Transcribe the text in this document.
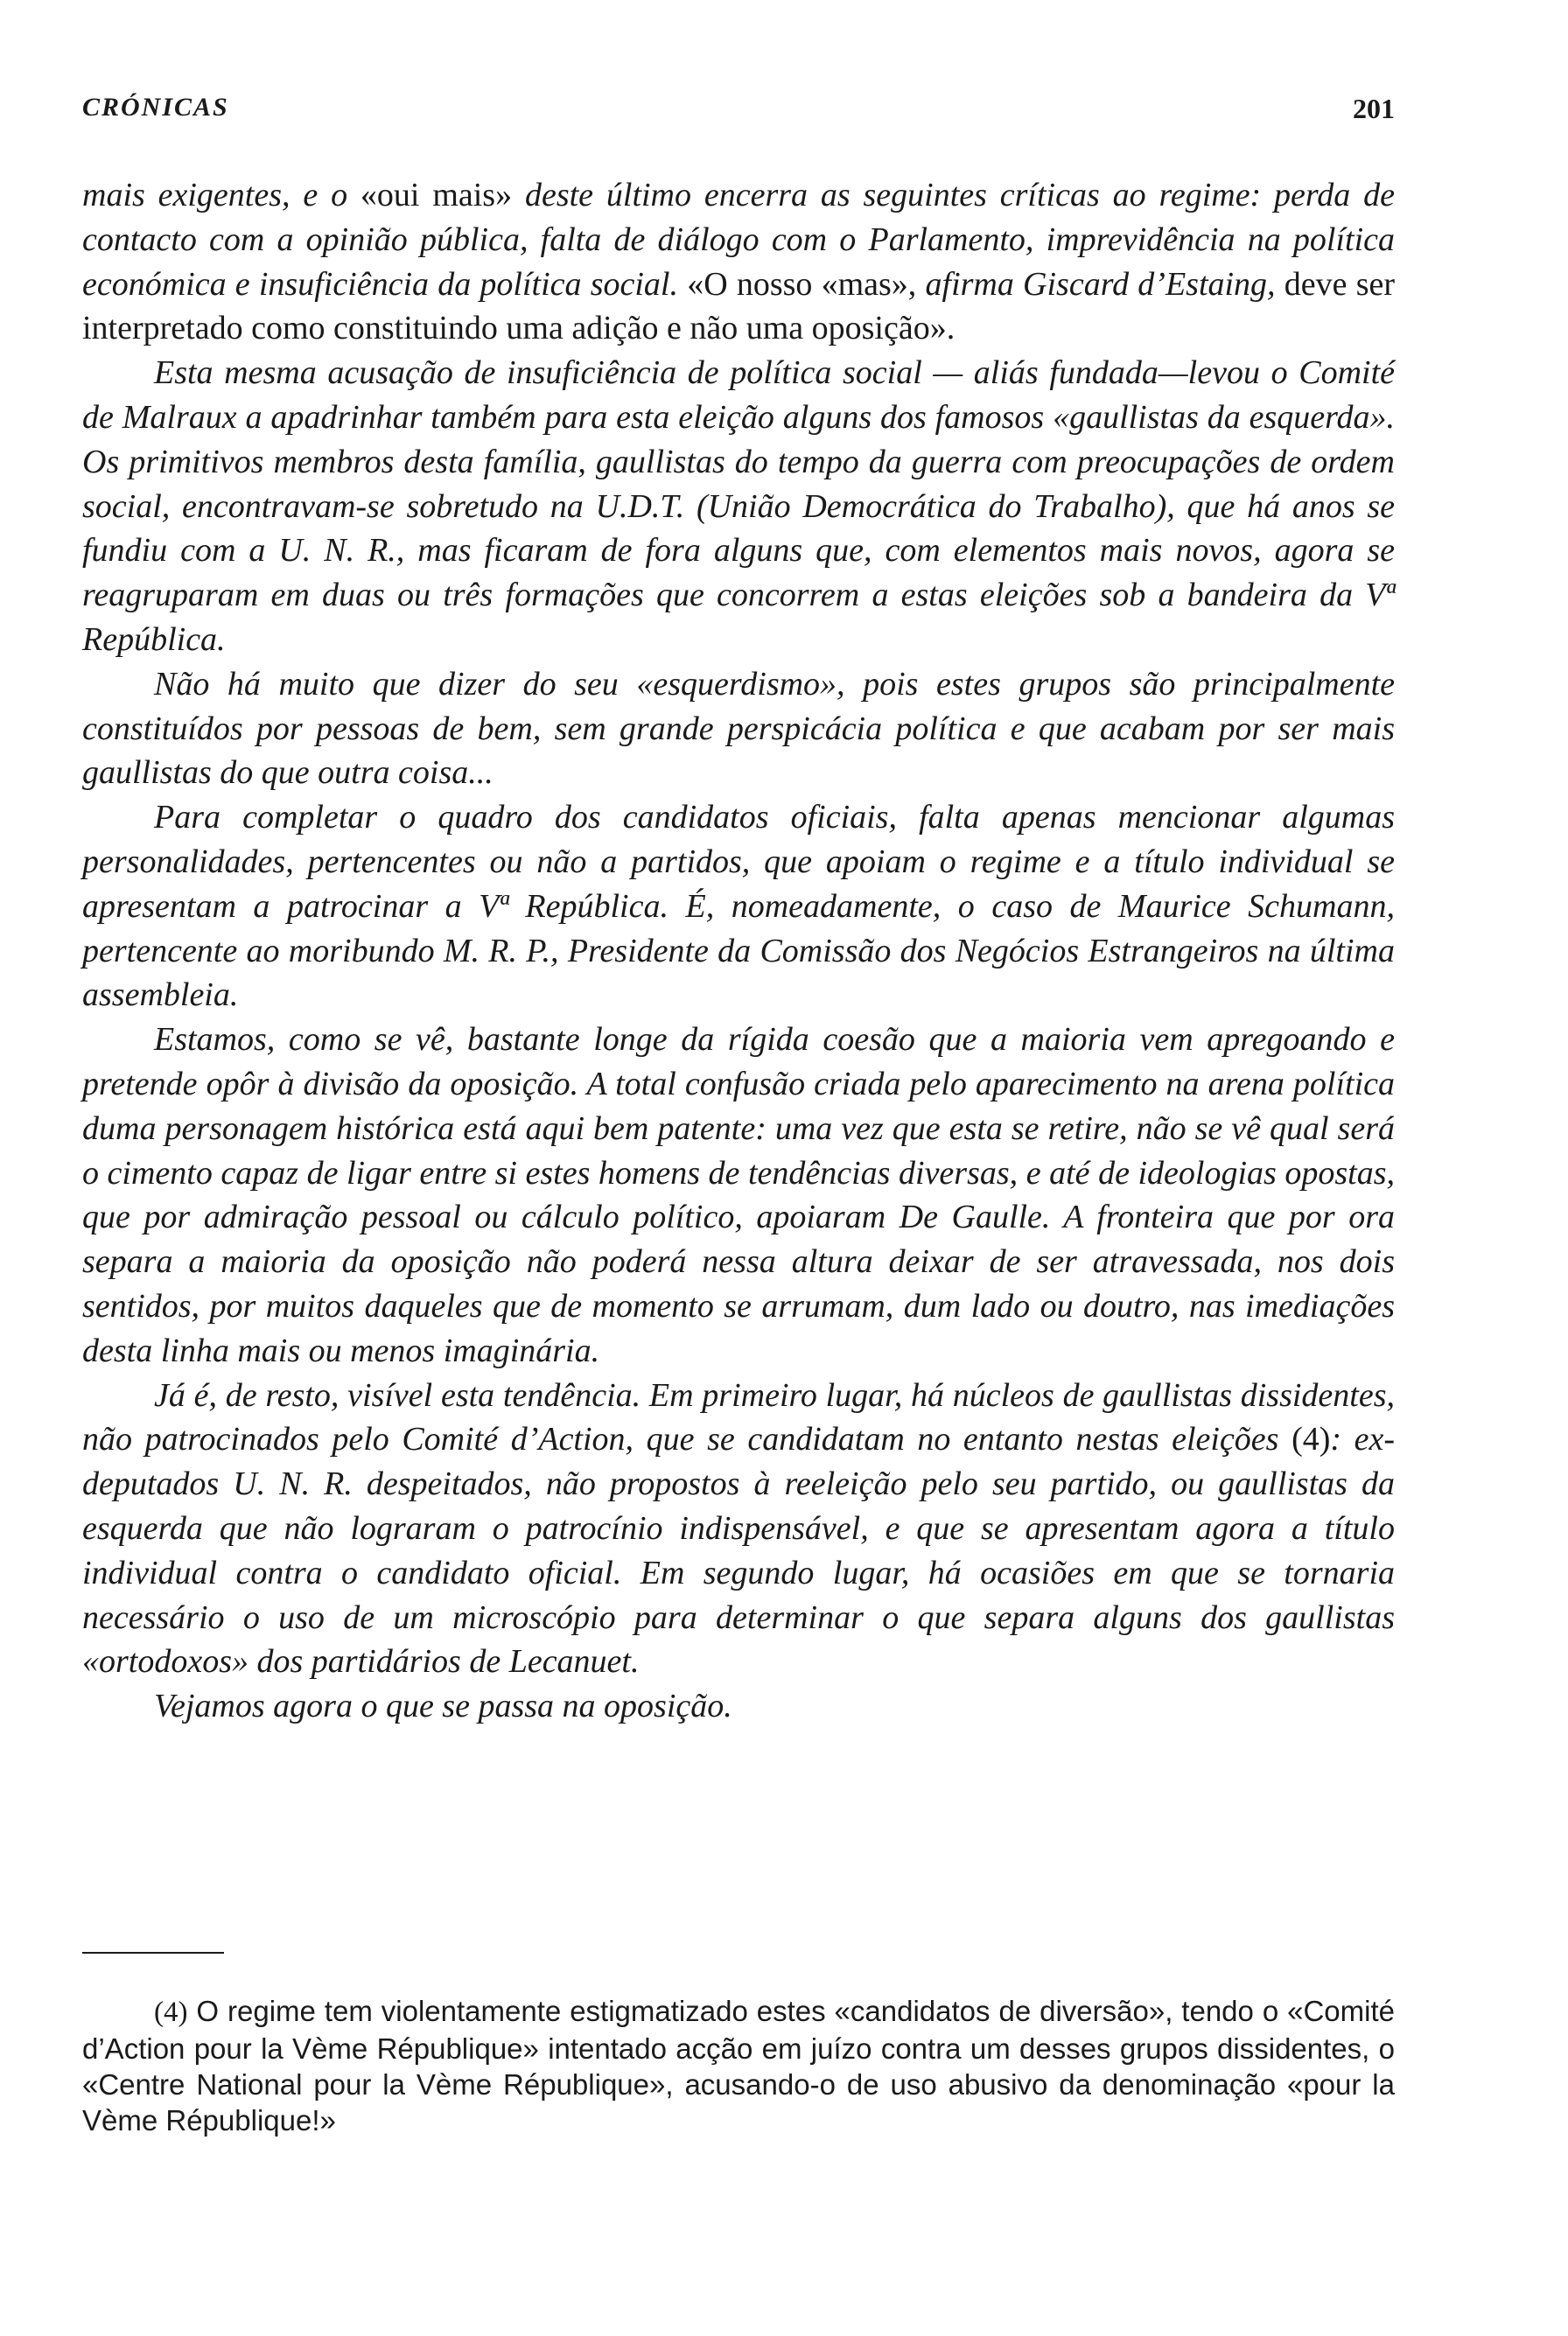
CRÓNICAS	201

mais exigentes, e o «oui mais» deste último encerra as seguintes críticas ao regime: perda de contacto com a opinião pública, falta de diálogo com o Parlamento, imprevidência na política económica e insuficiência da política social. «O nosso «mas», afirma Giscard d’Estaing, deve ser interpretado como constituindo uma adição e não uma oposição».

Esta mesma acusação de insuficiência de política social — aliás fundada—levou o Comité de Malraux a apadrinhar também para esta eleição alguns dos famosos «gaullistas da esquerda». Os primitivos membros desta família, gaullistas do tempo da guerra com preocupações de ordem social, encontravam-se sobretudo na U.D.T. (União Democrática do Trabalho), que há anos se fundiu com a U. N. R., mas ficaram de fora alguns que, com elementos mais novos, agora se reagruparam em duas ou três formações que concorrem a estas eleições sob a bandeira da Vª República.

Não há muito que dizer do seu «esquerdismo», pois estes grupos são principalmente constituídos por pessoas de bem, sem grande perspicácia política e que acabam por ser mais gaullistas do que outra coisa...

Para completar o quadro dos candidatos oficiais, falta apenas mencionar algumas personalidades, pertencentes ou não a partidos, que apoiam o regime e a título individual se apresentam a patrocinar a Vª República. É, nomeadamente, o caso de Maurice Schumann, pertencente ao moribundo M. R. P., Presidente da Comissão dos Negócios Estrangeiros na última assembleia.

Estamos, como se vê, bastante longe da rígida coesão que a maioria vem apregoando e pretende opôr à divisão da oposição. A total confusão criada pelo aparecimento na arena política duma personagem histórica está aqui bem patente: uma vez que esta se retire, não se vê qual será o cimento capaz de ligar entre si estes homens de tendências diversas, e até de ideologias opostas, que por admiração pessoal ou cálculo político, apoiaram De Gaulle. A fronteira que por ora separa a maioria da oposição não poderá nessa altura deixar de ser atravessada, nos dois sentidos, por muitos daqueles que de momento se arrumam, dum lado ou doutro, nas imediações desta linha mais ou menos imaginária.

Já é, de resto, visível esta tendência. Em primeiro lugar, há núcleos de gaullistas dissidentes, não patrocinados pelo Comité d’Action, que se candidatam no entanto nestas eleições (4): ex-deputados U. N. R. despeitados, não propostos à reeleição pelo seu partido, ou gaullistas da esquerda que não lograram o patrocínio indispensável, e que se apresentam agora a título individual contra o candidato oficial. Em segundo lugar, há ocasiões em que se tornaria necessário o uso de um microscópio para determinar o que separa alguns dos gaullistas «ortodoxos» dos partidários de Lecanuet.

Vejamos agora o que se passa na oposição.

(4) O regime tem violentamente estigmatizado estes «candidatos de diversão», tendo o «Comité d’Action pour la Vème République» intentado acção em juízo contra um desses grupos dissidentes, o «Centre National pour la Vème République», acusando-o de uso abusivo da denominação «pour la Vème République!»
